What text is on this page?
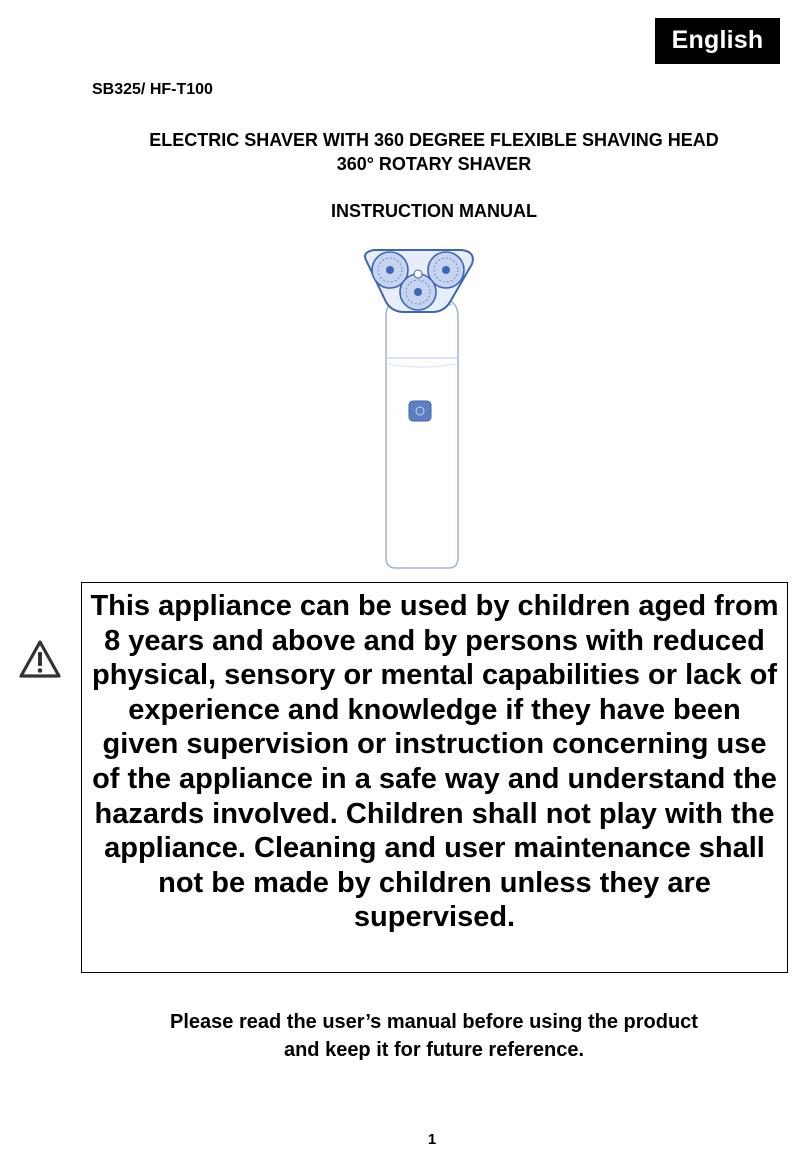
English
SB325/ HF-T100
ELECTRIC SHAVER WITH 360 DEGREE FLEXIBLE SHAVING HEAD
360° ROTARY SHAVER
INSTRUCTION MANUAL
This appliance can be used by children aged from 8 years and above and by persons with reduced physical, sensory or mental capabilities or lack of experience and knowledge if they have been given supervision or instruction concerning use of the appliance in a safe way and understand the hazards involved. Children shall not play with the appliance. Cleaning and user maintenance shall not be made by children unless they are supervised.
Please read the user’s manual before using the product
and keep it for future reference.
1
